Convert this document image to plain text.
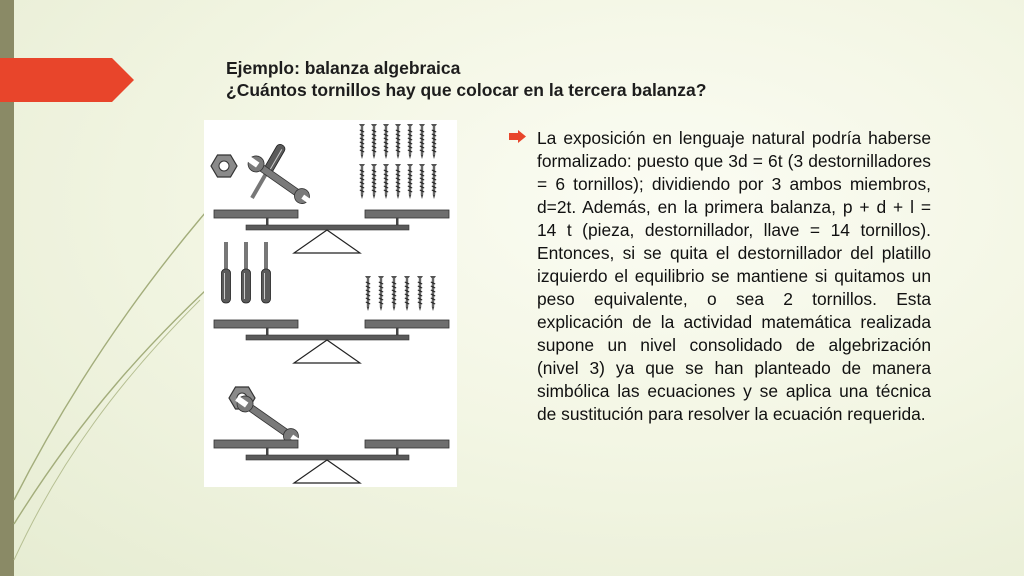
Ejemplo: balanza algebraica
¿Cuántos tornillos hay que colocar en la tercera balanza?

La exposición en lenguaje natural podría haberse formalizado: puesto que 3d = 6t (3 destornilladores = 6 tornillos); dividiendo por 3 ambos miembros, d=2t. Además, en la primera balanza, p + d + l = 14 t (pieza, destornillador, llave = 14 tornillos). Entonces, si se quita el destornillador del platillo izquierdo el equilibrio se mantiene si quitamos un peso equivalente, o sea 2 tornillos. Esta explicación de la actividad matemática realizada supone un nivel consolidado de algebrización (nivel 3) ya que se han planteado de manera simbólica las ecuaciones y se aplica una técnica de sustitución para resolver la ecuación requerida.
